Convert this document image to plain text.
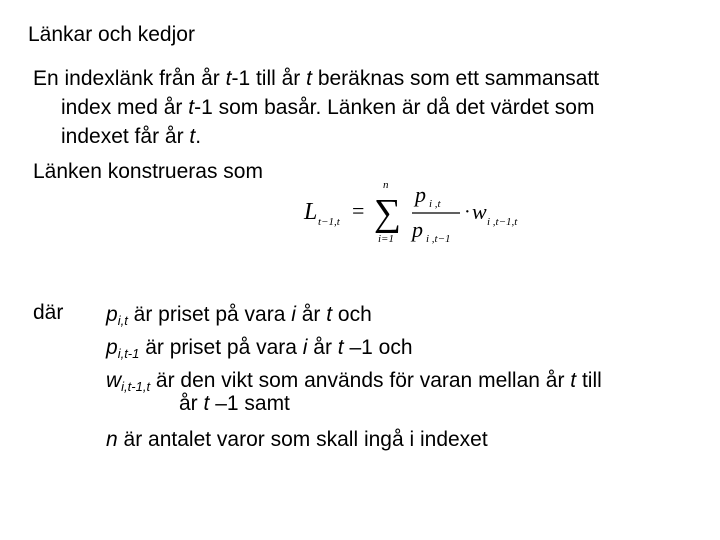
Länkar och kedjor
En indexlänk från år t-1 till år t beräknas som ett sammansatt
index med år t-1 som basår. Länken är då det värdet som
indexet får år t.
Länken konstrueras som
L t−1,t =
n
∑
i=1
p i ,t
p i ,t−1
· w i ,t−1,t
där $p_{i,t}$ är priset på vara i år t och
$p_{i,t-1}$ är priset på vara i år t –1 och
$w_{i,t-1,t}$ är den vikt som används för varan mellan år t till
år t –1 samt
n är antalet varor som skall ingå i indexet
